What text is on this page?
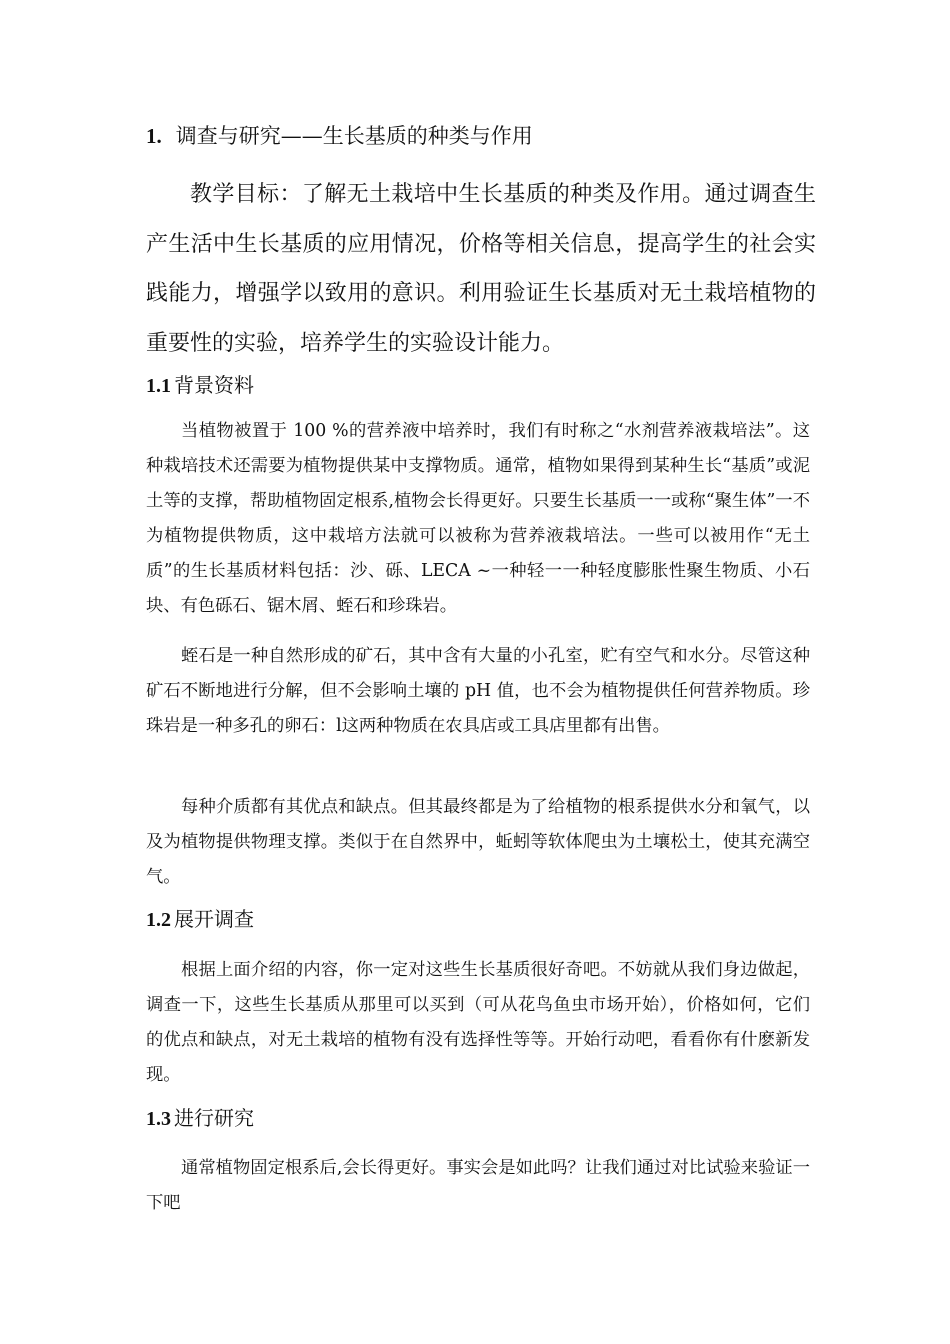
1. 调查与研究——生长基质的种类与作用
教学目标：了解无土栽培中生长基质的种类及作用。通过调查生产生活中生长基质的应用情况，价格等相关信息，提高学生的社会实践能力，增强学以致用的意识。利用验证生长基质对无土栽培植物的重要性的实验，培养学生的实验设计能力。
1.1 背景资料
当植物被置于 100 %的营养液中培养时，我们有时称之“水剂营养液栽培法”。这种栽培技术还需要为植物提供某中支撑物质。通常，植物如果得到某种生长“基质”或泥土等的支撑，帮助植物固定根系,植物会长得更好。只要生长基质一一或称“聚生体”一不为植物提供物质，这中栽培方法就可以被称为营养液栽培法。一些可以被用作“无土质”的生长基质材料包括：沙、砾、LECA ~一种轻一一种轻度膨胀性聚生物质、小石块、有色砾石、锯木屑、蛭石和珍珠岩。
蛭石是一种自然形成的矿石，其中含有大量的小孔室，贮有空气和水分。尽管这种矿石不断地进行分解，但不会影响土壤的 pH 值，也不会为植物提供任何营养物质。珍珠岩是一种多孔的卵石：l这两种物质在农具店或工具店里都有出售。
每种介质都有其优点和缺点。但其最终都是为了给植物的根系提供水分和氧气，以及为植物提供物理支撑。类似于在自然界中，蚯蚓等软体爬虫为土壤松土，使其充满空气。
1.2 展开调查
根据上面介绍的内容，你一定对这些生长基质很好奇吧。不妨就从我们身边做起，调查一下，这些生长基质从那里可以买到（可从花鸟鱼虫市场开始），价格如何，它们的优点和缺点，对无土栽培的植物有没有选择性等等。开始行动吧，看看你有什麽新发现。
1.3 进行研究
通常植物固定根系后,会长得更好。事实会是如此吗？让我们通过对比试验来验证一下吧
